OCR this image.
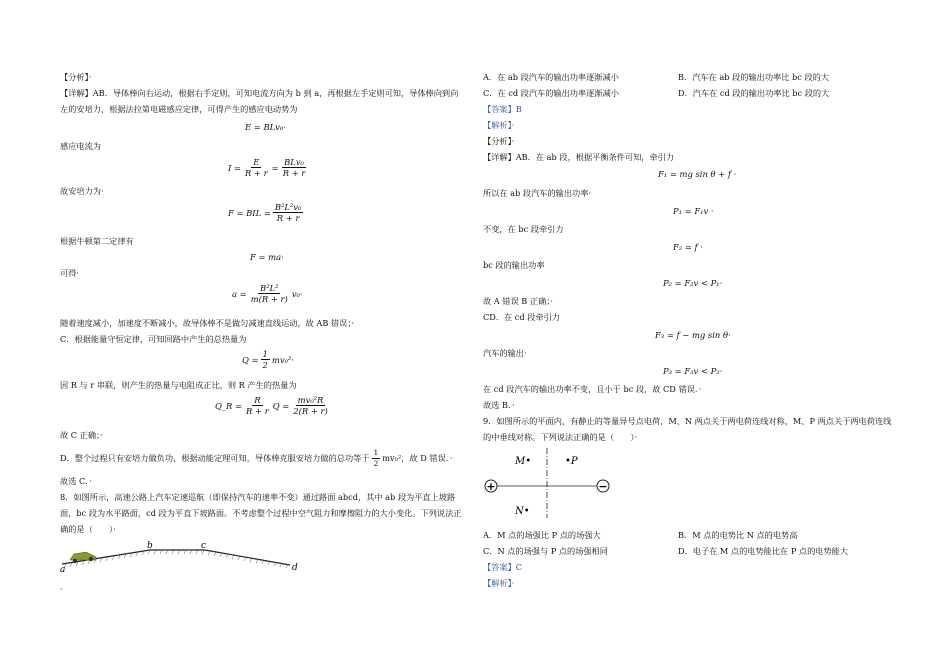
【分析】·
【详解】AB．导体棒向右运动，根据右手定则，可知电流方向为 b 到 a，再根据左手定则可知，导体棒向到向
左的安培力，根据法拉第电磁感应定律，可得产生的感应电动势为
E = BLv₀·
感应电流为
$I = \frac{E}{R + r} = \frac{\text{BLv₀}}{R + r}$
故安培力为·
F = BIL = $\frac{\text{B²L²v₀}}{R + r}$
根据牛顿第二定律有
F = ma·
可得·
$a = \frac{\text{B²L²}}{m(R + r)} v_0\cdot$
随着速度减小，加速度不断减小，故导体棒不是做匀减速直线运动，故 AB 错误；·
C．根据能量守恒定律，可知回路中产生的总热量为
$Q = \frac{1}{2} mv_0^2\cdot$
因 R 与 r 串联，则产生的热量与电阻成正比，则 R 产生的热量为
Q_R = $\frac{R}{R + r}$ $Q = \frac{\text{mv₀²R}}{2(R + r)}$
故 C 正确；·
D．整个过程只有安培力做负功，根据动能定理可知，导体棒克服安培力做的总功等于 $\frac{1}{2} mv_0^2$，故 D 错误．·
故选 C．·
8．如图所示，高速公路上汽车定速巡航（即保持汽车的速率不变）通过路面 abcd，其中 ab 段为平直上坡路
面，bc 段为水平路面，cd 段为平直下坡路面。不考虑整个过程中空气阻力和摩擦阻力的大小变化。下列说法正
确的是（　　）·
a
b	c
d
·
A．在 ab 段汽车的输出功率逐渐减小	B．汽车在 ab 段的输出功率比 bc 段的大
C．在 cd 段汽车的输出功率逐渐减小	D．汽车在 cd 段的输出功率比 bc 段的大
【答案】B
【解析】·
【分析】·
【详解】AB．在 ab 段，根据平衡条件可知，牵引力
F₁ = mg sin θ + f ·
所以在 ab 段汽车的输出功率·
P₁ = F₁v ·
不变，在 bc 段牵引力
F₂ = f ·
bc 段的输出功率
P₂ = F₂v < P₁·
故 A 错误 B 正确；·
CD．在 cd 段牵引力
F₃ = f − mg sin θ·
汽车的输出·
P₃ = F₃v < P₂·
在 cd 段汽车的输出功率不变，且小于 bc 段，故 CD 错误．·
故选 B．·
9．如图所示的平面内，有静止的等量异号点电荷，M、N 两点关于两电荷连线对称，M、P 两点关于两电荷连线
的中垂线对称。下列说法正确的是（　　）·
+	−
M•	•P
N•
A．M 点的场强比 P 点的场强大	B．M 点的电势比 N 点的电势高
C．N 点的场强与 P 点的场强相同	D．电子在 M 点的电势能比在 P 点的电势能大
【答案】C
【解析】·
